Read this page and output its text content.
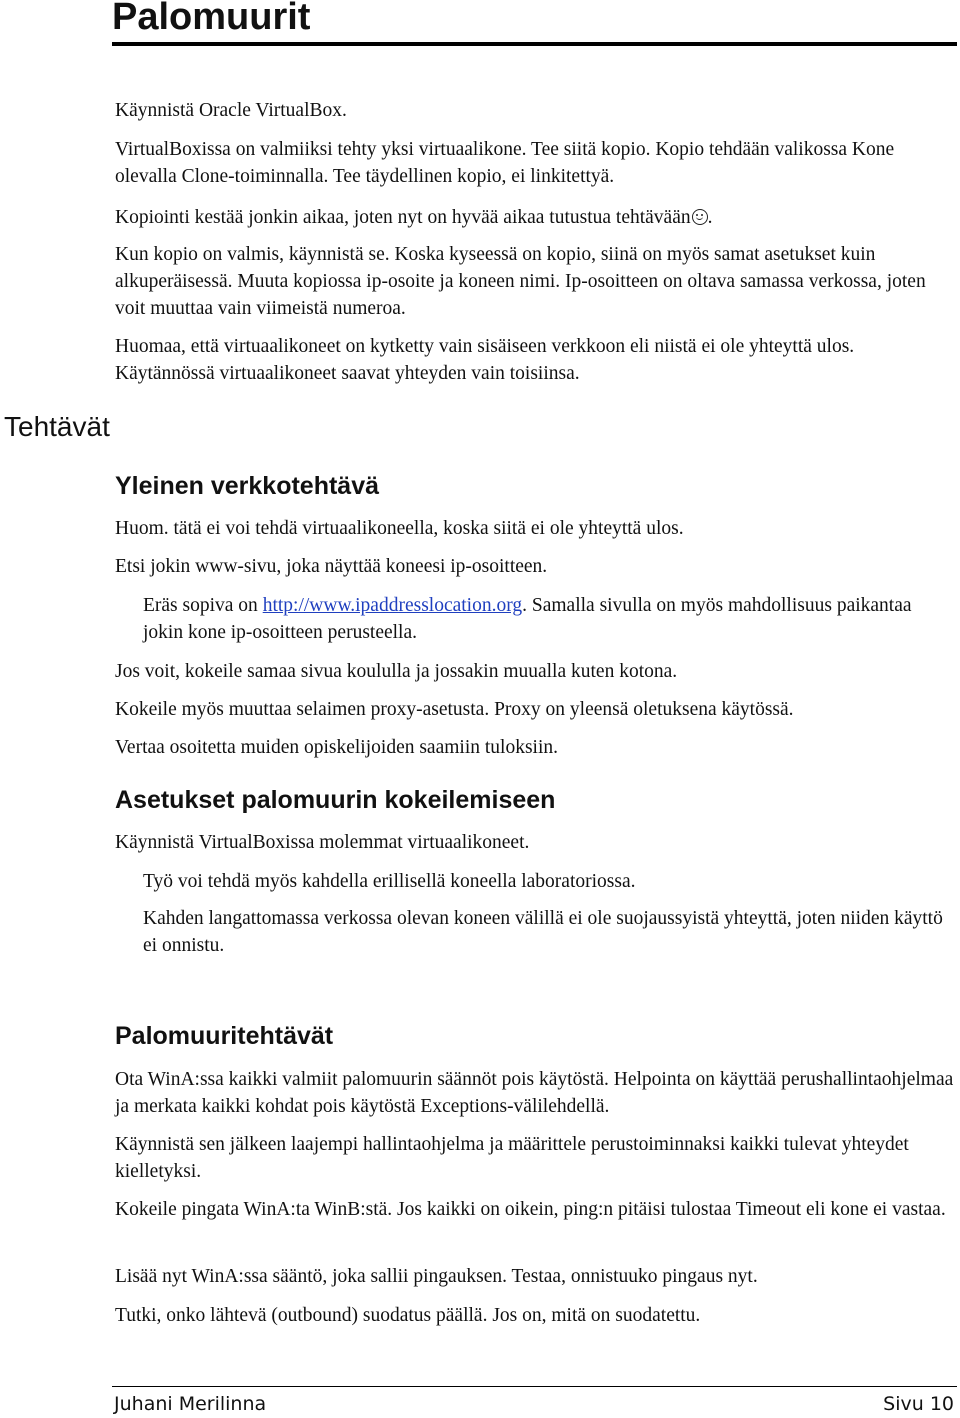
Palomuurit
Tehtävät

Käynnistä Oracle VirtualBox.

VirtualBoxissa on valmiiksi tehty yksi virtuaalikone. Tee siitä kopio. Kopio tehdään valikossa Kone olevalla Clone-toiminnalla. Tee täydellinen kopio, ei linkitettyä.

Kopiointi kestää jonkin aikaa, joten nyt on hyvää aikaa tutustua tehtävään .

Kun kopio on valmis, käynnistä se. Koska kyseessä on kopio, siinä on myös samat asetukset kuin alkuperäisessä. Muuta kopiossa ip-osoite ja koneen nimi. Ip-osoitteen on oltava samassa verkossa, joten voit muuttaa vain viimeistä numeroa.

Huomaa, että virtuaalikoneet on kytketty vain sisäiseen verkkoon eli niistä ei ole yhteyttä ulos. Käytännössä virtuaalikoneet saavat yhteyden vain toisiinsa.

Yleinen verkkotehtävä

Huom. tätä ei voi tehdä virtuaalikoneella, koska siitä ei ole yhteyttä ulos.

Etsi jokin www-sivu, joka näyttää koneesi ip-osoitteen.

Eräs sopiva on http://www.ipaddresslocation.org. Samalla sivulla on myös mahdollisuus paikantaa jokin kone ip-osoitteen perusteella.

Jos voit, kokeile samaa sivua koululla ja jossakin muualla kuten kotona.

Kokeile myös muuttaa selaimen proxy-asetusta. Proxy on yleensä oletuksena käytössä.

Vertaa osoitetta muiden opiskelijoiden saamiin tuloksiin.

Asetukset palomuurin kokeilemiseen

Käynnistä VirtualBoxissa molemmat virtuaalikoneet.

Työ voi tehdä myös kahdella erillisellä koneella laboratoriossa.

Kahden langattomassa verkossa olevan koneen välillä ei ole suojaussyistä yhteyttä, joten niiden käyttö ei onnistu.

Palomuuritehtävät

Ota WinA:ssa kaikki valmiit palomuurin säännöt pois käytöstä. Helpointa on käyttää perushallintaohjelmaa ja merkata kaikki kohdat pois käytöstä Exceptions-välilehdellä.

Käynnistä sen jälkeen laajempi hallintaohjelma ja määrittele perustoiminnaksi kaikki tulevat yhteydet kielletyksi.

Kokeile pingata WinA:ta WinB:stä. Jos kaikki on oikein, ping:n pitäisi tulostaa Timeout eli kone ei vastaa.

Lisää nyt WinA:ssa sääntö, joka sallii pingauksen. Testaa, onnistuuko pingaus nyt.

Tutki, onko lähtevä (outbound) suodatus päällä. Jos on, mitä on suodatettu.

Juhani Merilinna	Sivu 10
